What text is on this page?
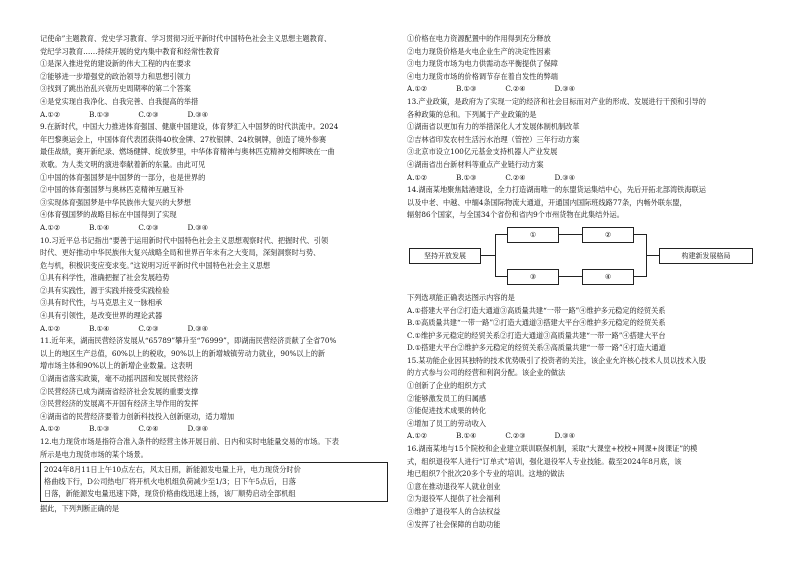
记使命”主题教育、党史学习教育、学习贯彻习近平新时代中国特色社会主义思想主题教育、
党纪学习教育……持续开展的党内集中教育和经常性教育
①是深入推进党的建设新的伟大工程的内在要求
②能够进一步增强党的政治领导力和思想引领力
③找到了跳出治乱兴衰历史周期率的第二个答案
④是党实现自我净化、自我完善、自我提高的举措
A.①②　　　　B.①③　　　　C.②③　　　　D.③④
9.在新时代，中国大力推进体育强国、健康中国建设，体育梦汇入中国梦的时代洪流中。2024
年巴黎奥运会上，中国体育代表团获得40枚金牌、27枚银牌、24枚铜牌，创造了境外参赛
最佳战绩，赛开新纪录、燃场健牌、绽放梦里，中华体育精神与奥林匹克精神交相辉映在一曲
欢歌。为人类文明的演进奉献着新的东量。由此可见
①中国的体育强国梦是中国梦的一部分，也是世界的
②中国的体育强国梦与奥林匹克精神互融互补
③实现体育强国梦是中华民族伟大复兴的大梦想
④体育强国梦的战略目标在中国得到了实现
A.①②　　　　B.①④　　　　C.②③　　　　D.③④
10.习近平总书记指出“要善于运用新时代中国特色社会主义思想观察时代、把握时代、引领
时代、更好推动中华民族伟大复兴战略全局和世界百年未有之大变局，深刻洞察时与势、
危与机，积极识变应变求变。”这说明习近平新时代中国特色社会主义思想
①具有科学性，准确把握了社会发展趋势
②具有实践性，源于实践并接受实践检验
③具有时代性，与马克思主义一脉相承
④具有引领性，是改变世界的理论武器
A.①②　　　　B.①④　　　　C.②③　　　　D.③④
11.近年来，湖南民营经济发展从“65789”攀升至“76999”，即湖南民营经济贡献了全省70%
以上的地区生产总值，60%以上的税收，90%以上的新增城镇劳动力就业，90%以上的新
增市场主体和90%以上的新增企业数量。这表明
①湖南省落实政策，毫不动摇巩固和发展民营经济
②民营经济已成为湖南省经济社会发展的重要支撑
③民营经济的发展离不开国有经济主导作用的发挥
④湖南省的民营经济要着力创新科技投入创新驱动，适力增加
A.①②　　　　B.①③　　　　C.②④　　　　D.③④
12.电力现货市场是指符合准入条件的经营主体开展日前、日内和实时电能量交易的市场。下表
所示是电力现货市场的某个场景。
2024年8月11日上午10点左右，风太日照，新能源发电量上升，电力现货分时价
格曲线下行，D公司热电厂将开机火电机组负荷减少至1/3；日下午5点后，日落
日落，新能源发电量迅速下降，现货价格曲线迅速上扬，该厂顺势启动全部机组
据此，下列判断正确的是
①价格在电力资源配置中的作用得到充分释放
②电力现货价格是火电企业生产的决定性因素
③电力现货市场为电力供需动态平衡提供了保障
④电力现货市场的价格调节存在着自发性的弊端
A.①②　　　　B.①③　　　　C.②④　　　　D.③④
13.产业政策，是政府为了实现一定的经济和社会目标而对产业的形成、发展进行干预和引导的
各种政策的总和。下列属于产业政策的是
①湖南省以更加有力的举措深化人才发展体制机制改革
②吉林省印发农村生活污水治理（管控）三年行动方案
③北京市设立100亿元基金支持机器人产业发展
④湖南省出台新材料等重点产业链行动方案
A.①②　　　　B.①③　　　　C.②④　　　　D.③④
14.湖南某地聚焦陆港建设，全力打造湖南唯一的东盟货运集结中心，先后开拓北部湾铁海联运
以及中老、中越、中缅4条国际物流大通道，开通国内国际班线路77条，内畅外联东盟，
辐射86个国家，与全国34个省份和省内9个市州货物在此集结外运。
坚持开放发展
①	②
③	④
构建新发展格局
下列选项能正确表达图示内容的是
A.①搭建大平台②打造大通道③高质量共建“一带一路”④维护多元稳定的经贸关系
B.①高质量共建“一带一路”②打造大通道③搭建大平台④维护多元稳定的经贸关系
C.①维护多元稳定的经贸关系②打造大通道③高质量共建“一带一路”④搭建大平台
D.①搭建大平台②维护多元稳定的经贸关系③高质量共建“一带一路”④打造大通道
15.某功能企业因其独特的技术优势吸引了投资者的关注，该企业允许核心技术人员以技术入股
的方式参与公司的经营和利润分配。该企业的做法
①创新了企业的组织方式
②能够激发员工的归属感
③能促进技术成果的转化
④增加了员工的劳动收入
A.①②　　　　B.①④　　　　C.②③　　　　D.③④
16.湖南某地与15个院校和企业建立联训联保机制，采取“大课堂+校校+网课+岗课证”的模
式，组织退役军人进行“订单式”培训，强化退役军人专业技能。截至2024年8月底，该
地已组织7个批次20多个专业的培训。这地的做法
①意在推动退役军人就业创业
②为退役军人提供了社会福利
③维护了退役军人的合法权益
④发挥了社会保障的自助功能
